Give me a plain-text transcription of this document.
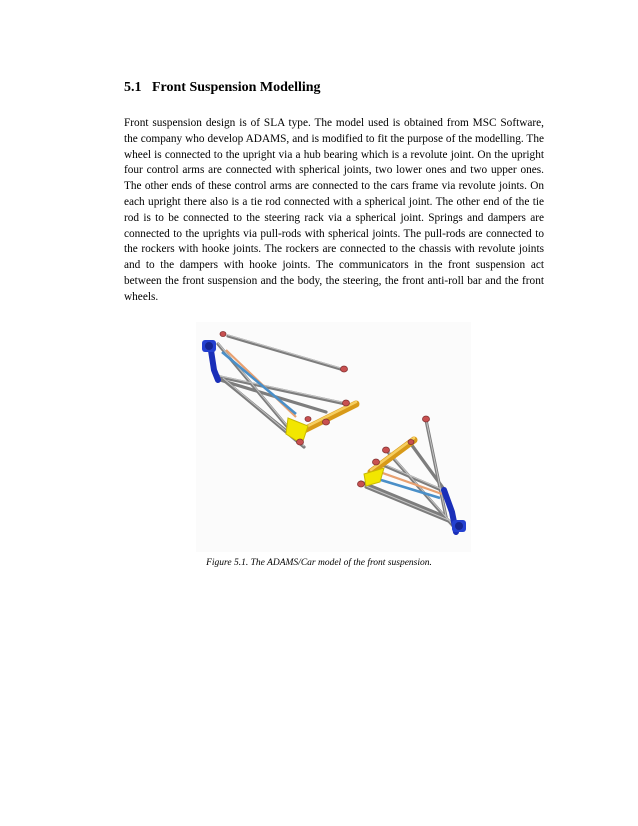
5.1 Front Suspension Modelling

Front suspension design is of SLA type. The model used is obtained from MSC Software, the company who develop ADAMS, and is modified to fit the purpose of the modelling. The wheel is connected to the upright via a hub bearing which is a revolute joint. On the upright four control arms are connected with spherical joints, two lower ones and two upper ones. The other ends of these control arms are connected to the cars frame via revolute joints. On each upright there also is a tie rod connected with a spherical joint. The other end of the tie rod is to be connected to the steering rack via a spherical joint. Springs and dampers are connected to the uprights via pull-rods with spherical joints. The pull-rods are connected to the rockers with hooke joints. The rockers are connected to the chassis with revolute joints and to the dampers with hooke joints. The communicators in the front suspension act between the front suspension and the body, the steering, the front anti-roll bar and the front wheels.

Figure 5.1. The ADAMS/Car model of the front suspension.
